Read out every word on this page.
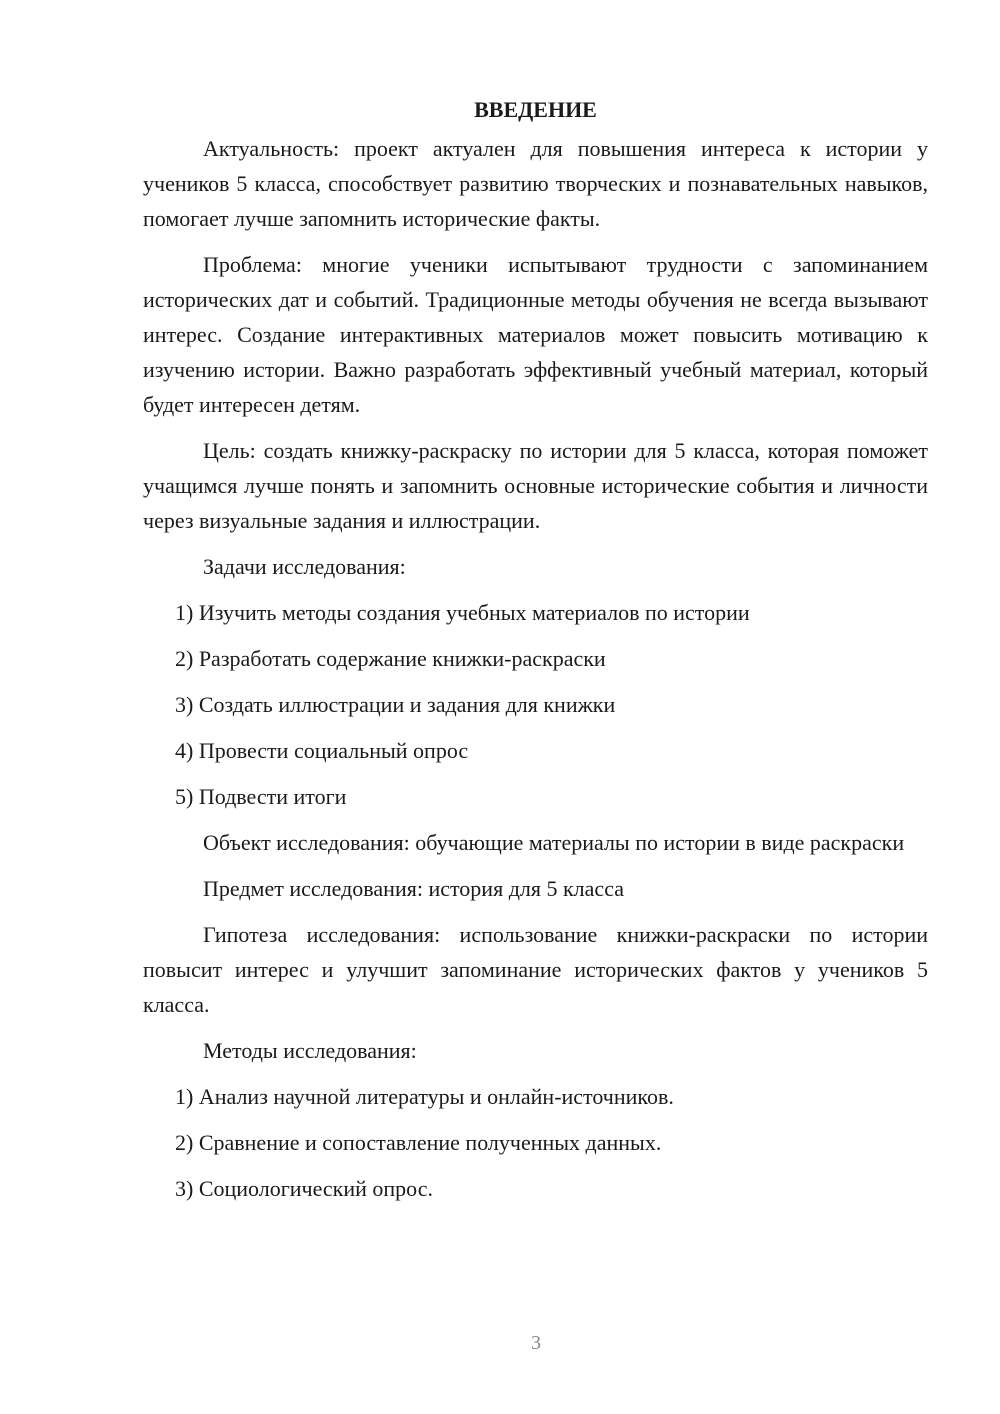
ВВЕДЕНИЕ

Актуальность: проект актуален для повышения интереса к истории у учеников 5 класса, способствует развитию творческих и познавательных навыков, помогает лучше запомнить исторические факты.

Проблема: многие ученики испытывают трудности с запоминанием исторических дат и событий. Традиционные методы обучения не всегда вызывают интерес. Создание интерактивных материалов может повысить мотивацию к изучению истории. Важно разработать эффективный учебный материал, который будет интересен детям.

Цель: создать книжку-раскраску по истории для 5 класса, которая поможет учащимся лучше понять и запомнить основные исторические события и личности через визуальные задания и иллюстрации.

Задачи исследования:

1) Изучить методы создания учебных материалов по истории

2) Разработать содержание книжки-раскраски

3) Создать иллюстрации и задания для книжки

4) Провести социальный опрос

5) Подвести итоги

Объект исследования: обучающие материалы по истории в виде раскраски

Предмет исследования: история для 5 класса

Гипотеза исследования: использование книжки-раскраски по истории повысит интерес и улучшит запоминание исторических фактов у учеников 5 класса.

Методы исследования:

1) Анализ научной литературы и онлайн-источников.

2) Сравнение и сопоставление полученных данных.

3) Социологический опрос.

3
